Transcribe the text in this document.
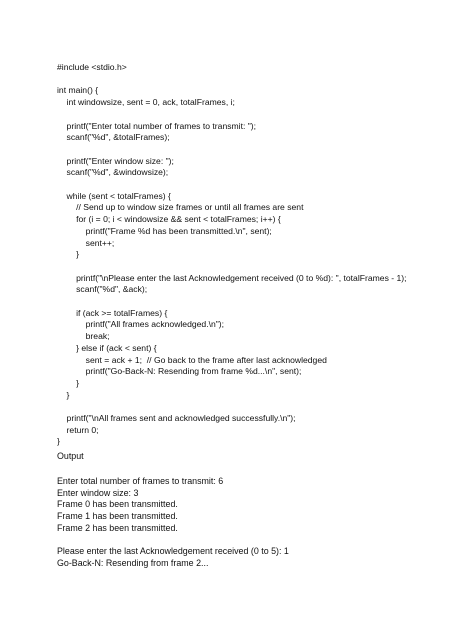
#include <stdio.h>
int main() {
int windowsize, sent = 0, ack, totalFrames, i;
printf("Enter total number of frames to transmit: ");
scanf("%d", &totalFrames);
printf("Enter window size: ");
scanf("%d", &windowsize);
while (sent < totalFrames) {
// Send up to window size frames or until all frames are sent
for (i = 0; i < windowsize && sent < totalFrames; i++) {
printf("Frame %d has been transmitted.\n", sent);
sent++;
}
printf("\nPlease enter the last Acknowledgement received (0 to %d): ", totalFrames - 1);
scanf("%d", &ack);
if (ack >= totalFrames) {
printf("All frames acknowledged.\n");
break;
} else if (ack < sent) {
sent = ack + 1;  // Go back to the frame after last acknowledged
printf("Go-Back-N: Resending from frame %d...\n", sent);
}
}
printf("\nAll frames sent and acknowledged successfully.\n");
return 0;
}
Output
Enter total number of frames to transmit: 6
Enter window size: 3
Frame 0 has been transmitted.
Frame 1 has been transmitted.
Frame 2 has been transmitted.
Please enter the last Acknowledgement received (0 to 5): 1
Go-Back-N: Resending from frame 2...
